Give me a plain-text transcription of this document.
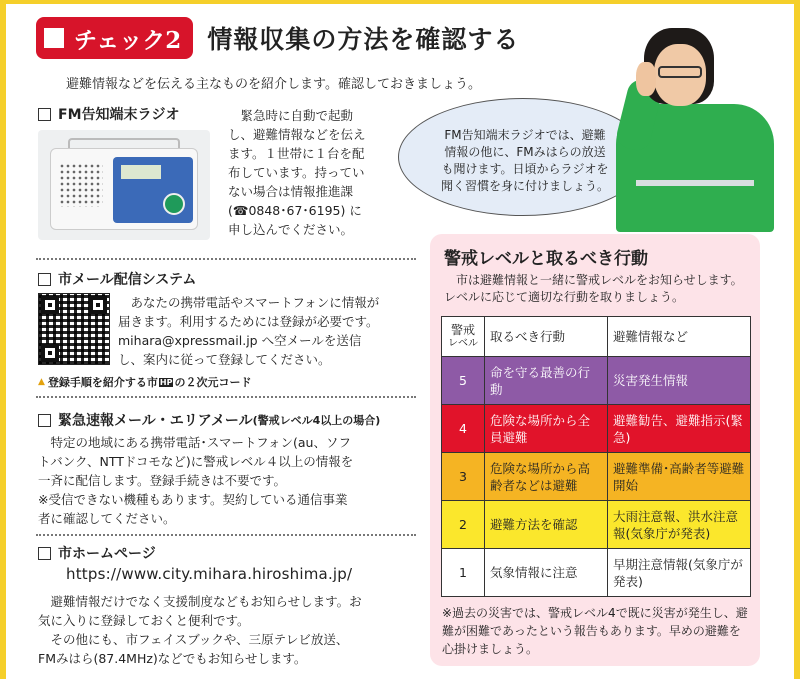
チェック2 情報収集の方法を確認する
避難情報などを伝える主なものを紹介します。確認しておきましょう。
FM告知端末ラジオ	緊急時に自動で起動
し、避難情報などを伝え
ます。１世帯に１台を配
布しています。持ってい
ない場合は情報推進課
(☎0848･67･6195) に
申し込んでください。
FM告知端末ラジオでは、避難
情報の他に、FMみはらの放送
も聞けます。日頃からラジオを
聞く習慣を身に付けましょう。
市メール配信システム
あなたの携帯電話やスマートフォンに情報が
届きます。利用するためには登録が必要です。
mihara@xpressmail.jp へ空メールを送信
し、案内に従って登録してください。
▲ 登録手順を紹介する市 HP の２次元コード
緊急速報メール・エリアメール (警戒レベル4以上の場合)
特定の地域にある携帯電話･スマートフォン(au、ソフ
トバンク、NTTドコモなど)に警戒レベル４以上の情報を
一斉に配信します。登録手続きは不要です。
※受信できない機種もあります。契約している通信事業
者に確認してください。
市ホームページ
https://www.city.mihara.hiroshima.jp/
避難情報だけでなく支援制度などもお知らせします。お
気に入りに登録しておくと便利です。
その他にも、市フェイスブックや、三原テレビ放送、
FMみはら(87.4MHz)などでもお知らせします。
警戒レベルと取るべき行動
市は避難情報と一緒に警戒レベルをお知らせします。レベルに応じて適切な行動を取りましょう。
警戒
レベル	取るべき行動	避難情報など
5	命を守る最善の行動	災害発生情報
4	危険な場所から全員避難	避難勧告、避難指示(緊急)
3	危険な場所から高齢者などは避難	避難準備･高齢者等避難開始
2	避難方法を確認	大雨注意報、洪水注意報(気象庁が発表)
1	気象情報に注意	早期注意情報(気象庁が発表)
※過去の災害では、警戒レベル4で既に災害が発生し、避難が困難であったという報告もあります。早めの避難を心掛けましょう。
